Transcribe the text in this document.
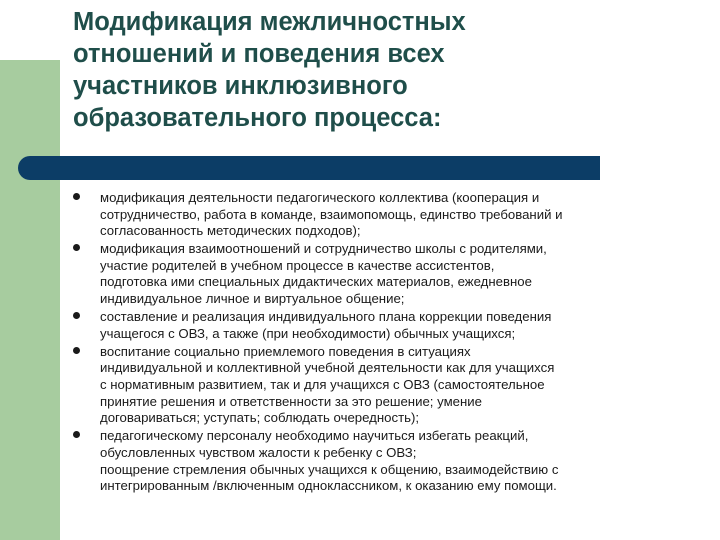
Модификация межличностных
отношений и поведения всех
участников инклюзивного
образовательного процесса:
модификация деятельности педагогического коллектива (кооперация и
сотрудничество, работа в команде, взаимопомощь, единство требований и
согласованность методических подходов);
модификация взаимоотношений и сотрудничество школы с родителями,
участие родителей в учебном процессе в качестве ассистентов,
подготовка ими специальных дидактических материалов, ежедневное
индивидуальное личное и виртуальное общение;
составление и реализация индивидуального плана коррекции поведения
учащегося с ОВЗ, а также (при необходимости) обычных учащихся;
воспитание социально приемлемого поведения в ситуациях
индивидуальной и коллективной учебной деятельности как для учащихся
с нормативным развитием, так и для учащихся с ОВЗ (самостоятельное
принятие решения и ответственности за это решение; умение
договариваться; уступать; соблюдать очередность);
педагогическому персоналу необходимо научиться избегать реакций,
обусловленных чувством жалости к ребенку с ОВЗ;
поощрение стремления обычных учащихся к общению, взаимодействию с
интегрированным /включенным одноклассником, к оказанию ему помощи.
